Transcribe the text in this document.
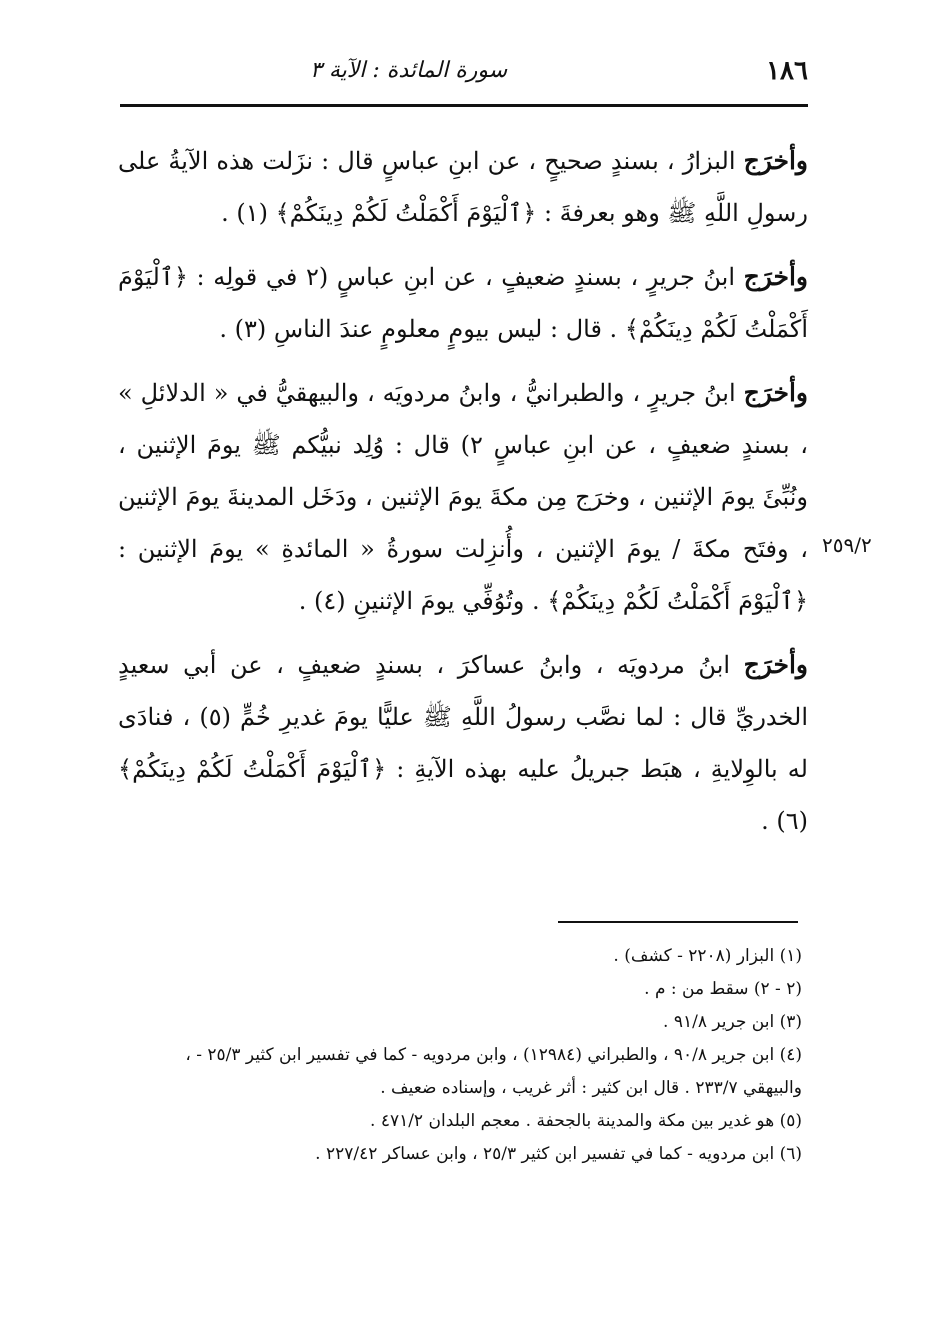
١٨٦
سورة المائدة : الآية ٣

وأخرَج البزارُ ، بسندٍ صحيحٍ ، عن ابنِ عباسٍ قال : نزَلت هذه الآيةُ على رسولِ اللَّهِ ﷺ وهو بعرفةَ : ﴿ٱلْيَوْمَ أَكْمَلْتُ لَكُمْ دِينَكُمْ﴾ (١) .

وأخرَج ابنُ جريرٍ ، بسندٍ ضعيفٍ ، عن ابنِ عباسٍ (٢ في قولِه : ﴿ٱلْيَوْمَ أَكْمَلْتُ لَكُمْ دِينَكُمْ﴾ . قال : ليس بيومٍ معلومٍ عندَ الناسِ (٣) .

وأخرَج ابنُ جريرٍ ، والطبرانيُّ ، وابنُ مردويَه ، والبيهقيُّ في « الدلائلِ » ، بسندٍ ضعيفٍ ، عن ابنِ عباسٍ ٢) قال : وُلِد نبيُّكم ﷺ يومَ الإثنين ، ونُبِّئَ يومَ الإثنين ، وخرَج مِن مكةَ يومَ الإثنين ، ودَخَل المدينةَ يومَ الإثنين ، وفتَح مكةَ / يومَ الإثنين ، وأُنزِلت سورةُ « المائدةِ » يومَ الإثنين : ﴿ٱلْيَوْمَ أَكْمَلْتُ لَكُمْ دِينَكُمْ﴾ . وتُوُفِّي يومَ الإثنينِ (٤) .

وأخرَج ابنُ مردويَه ، وابنُ عساكرَ ، بسندٍ ضعيفٍ ، عن أبي سعيدٍ الخدريِّ قال : لما نصَّب رسولُ اللَّهِ ﷺ عليًّا يومَ غديرِ خُمٍّ (٥) ، فنادَى له بالوِلايةِ ، هبَط جبريلُ عليه بهذه الآيةِ : ﴿ٱلْيَوْمَ أَكْمَلْتُ لَكُمْ دِينَكُمْ﴾ (٦) .

٢٥٩/٢

(١) البزار (٢٢٠٨ - كشف) .

(٢ - ٢) سقط من : م .

(٣) ابن جرير ٩١/٨ .

(٤) ابن جرير ٩٠/٨ ، والطبراني (١٢٩٨٤) ، وابن مردويه - كما في تفسير ابن كثير ٢٥/٣ - ،

والبيهقي ٢٣٣/٧ . قال ابن كثير : أثر غريب ، وإسناده ضعيف .

(٥) هو غدير بين مكة والمدينة بالجحفة . معجم البلدان ٤٧١/٢ .

(٦) ابن مردويه - كما في تفسير ابن كثير ٢٥/٣ ، وابن عساكر ٢٢٧/٤٢ .
